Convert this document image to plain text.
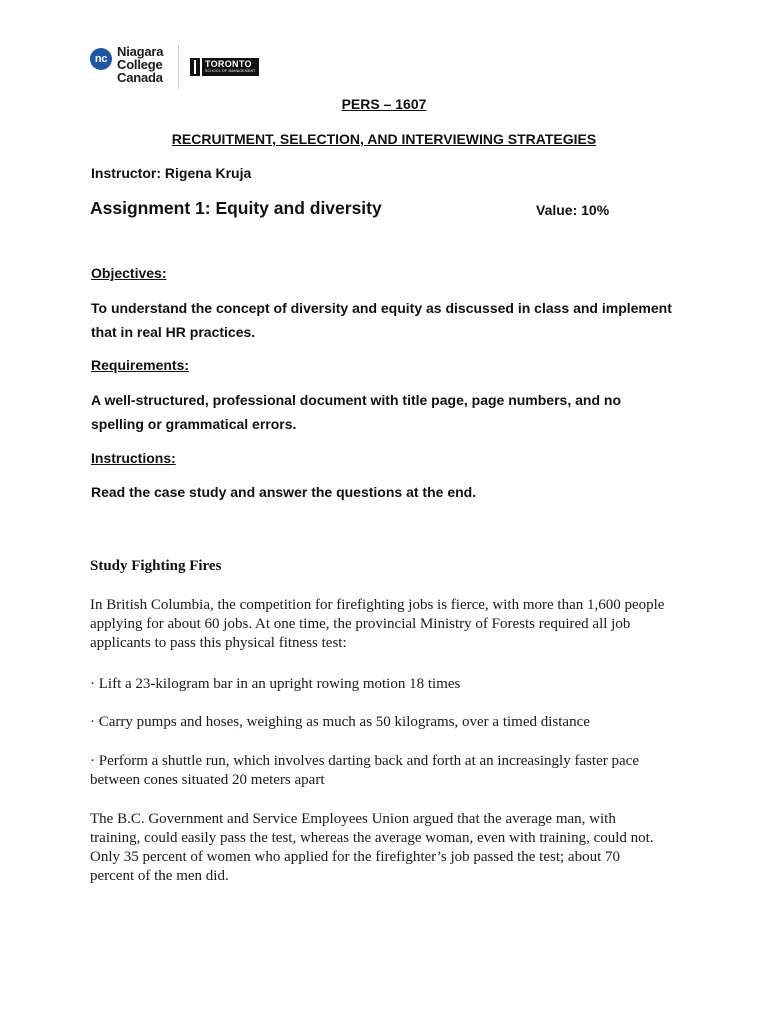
nc Niagara
College
Canada
TORONTO
SCHOOL OF MANAGEMENT
PERS – 1607
RECRUITMENT, SELECTION, AND INTERVIEWING STRATEGIES
Instructor: Rigena Kruja
Assignment 1: Equity and diversity	Value: 10%
Objectives:
To understand the concept of diversity and equity as discussed in class and implement that in real HR practices.
Requirements:
A well-structured, professional document with title page, page numbers, and no spelling or grammatical errors.
Instructions:
Read the case study and answer the questions at the end.
Study Fighting Fires
In British Columbia, the competition for firefighting jobs is fierce, with more than 1,600 people applying for about 60 jobs. At one time, the provincial Ministry of Forests required all job applicants to pass this physical fitness test:
· Lift a 23-kilogram bar in an upright rowing motion 18 times
· Carry pumps and hoses, weighing as much as 50 kilograms, over a timed distance
· Perform a shuttle run, which involves darting back and forth at an increasingly faster pace between cones situated 20 meters apart
The B.C. Government and Service Employees Union argued that the average man, with training, could easily pass the test, whereas the average woman, even with training, could not. Only 35 percent of women who applied for the firefighter’s job passed the test; about 70 percent of the men did.
